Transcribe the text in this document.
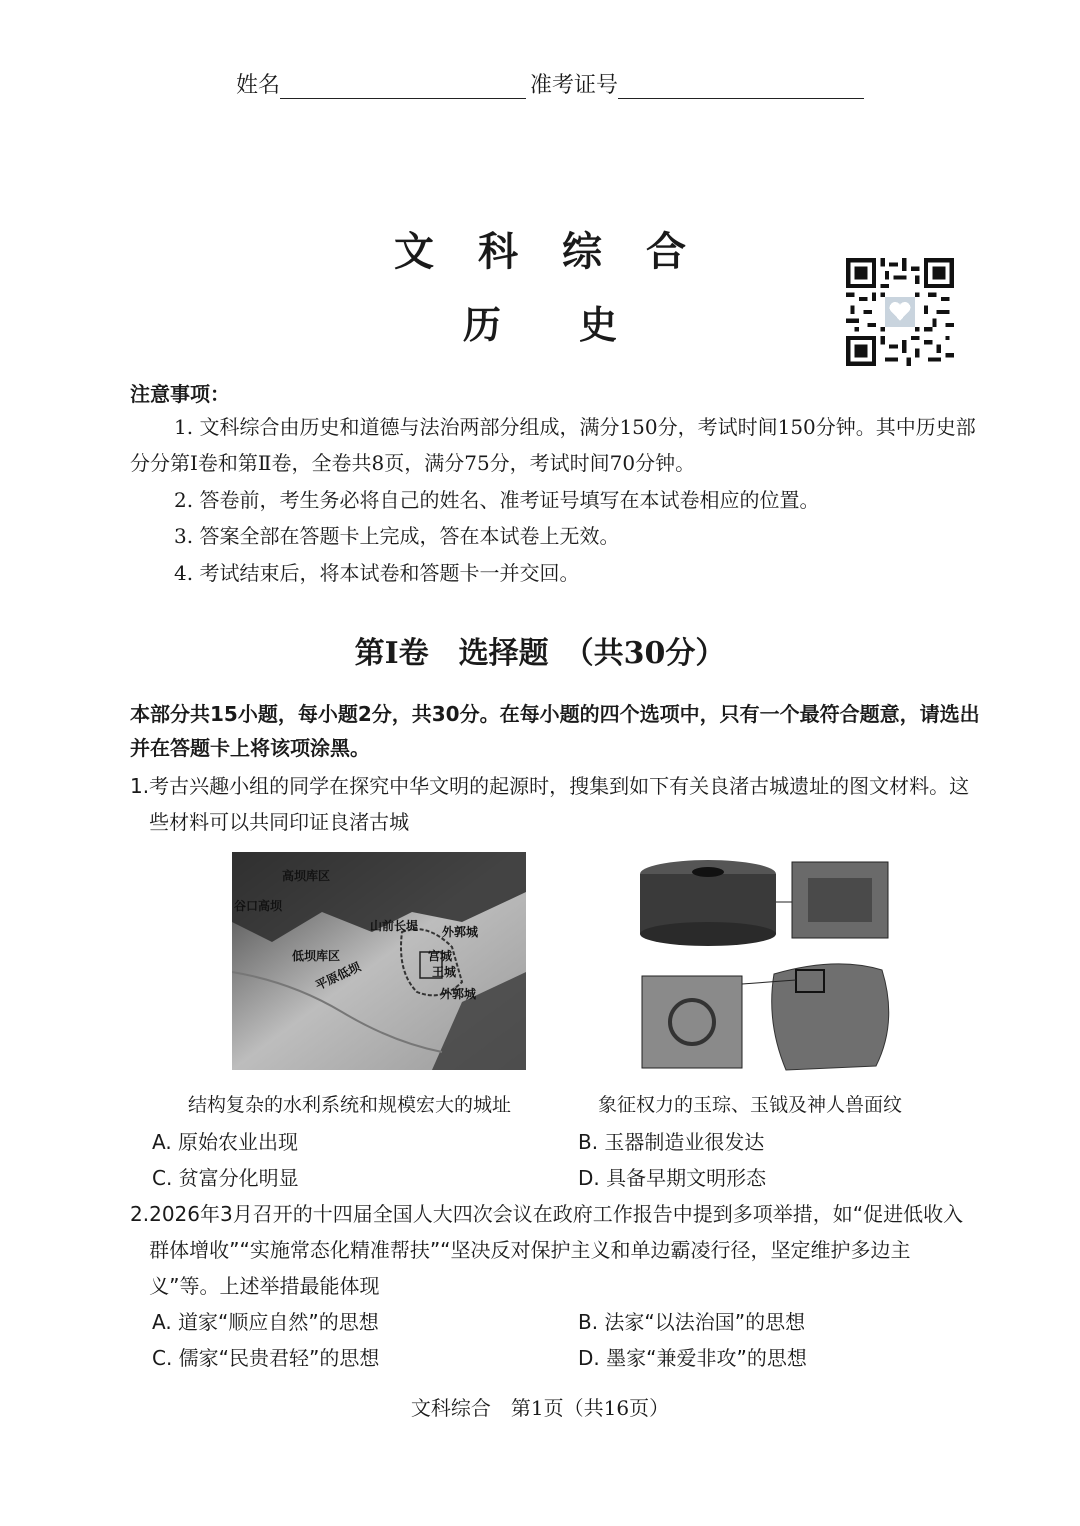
姓名	准考证号
文科综合
历史
注意事项：
1. 文科综合由历史和道德与法治两部分组成，满分150分，考试时间150分钟。其中历史部分分第Ⅰ卷和第Ⅱ卷，全卷共8页，满分75分，考试时间70分钟。
2. 答卷前，考生务必将自己的姓名、准考证号填写在本试卷相应的位置。
3. 答案全部在答题卡上完成，答在本试卷上无效。
4. 考试结束后，将本试卷和答题卡一并交回。
第Ⅰ卷　选择题　（共30分）
本部分共15小题，每小题2分，共30分。在每小题的四个选项中，只有一个最符合题意，请选出并在答题卡上将该项涂黑。
1. 考古兴趣小组的同学在探究中华文明的起源时，搜集到如下有关良渚古城遗址的图文材料。这些材料可以共同印证良渚古城
高坝库区
谷口高坝
山前长堤 外郭城
低坝库区	宫城
王城
平原低坝
外郭城
结构复杂的水利系统和规模宏大的城址	象征权力的玉琮、玉钺及神人兽面纹
A. 原始农业出现	B. 玉器制造业很发达
C. 贫富分化明显	D. 具备早期文明形态
2. 2026年3月召开的十四届全国人大四次会议在政府工作报告中提到多项举措，如“促进低收入群体增收”“实施常态化精准帮扶”“坚决反对保护主义和单边霸凌行径，坚定维护多边主义”等。上述举措最能体现
A. 道家“顺应自然”的思想	B. 法家“以法治国”的思想
C. 儒家“民贵君轻”的思想	D. 墨家“兼爱非攻”的思想
文科综合　第1页（共16页）
